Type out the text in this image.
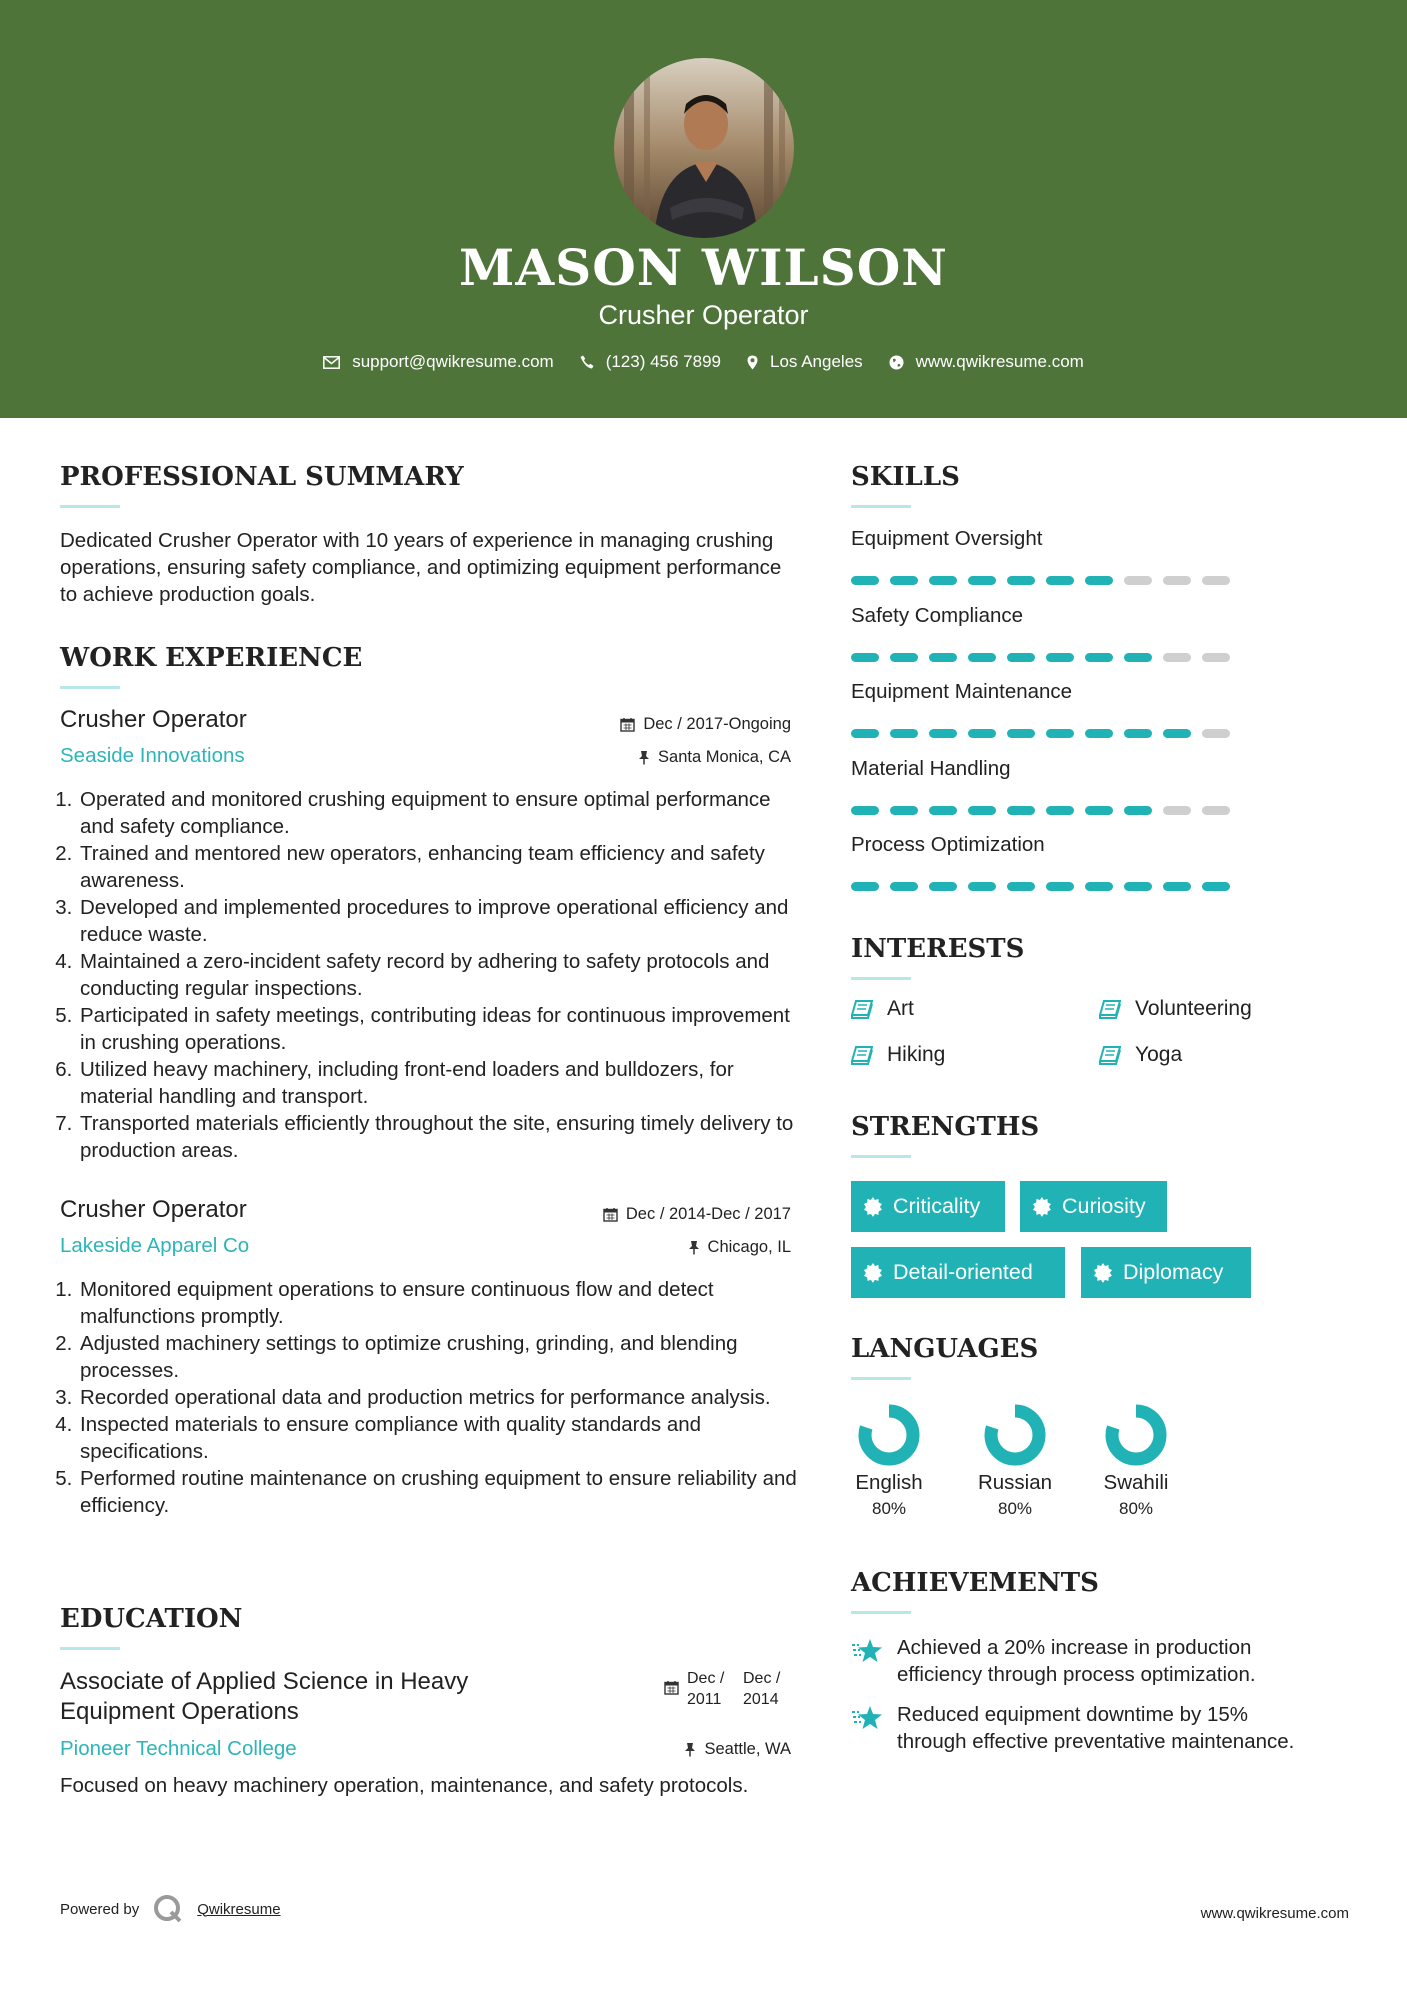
MASON WILSON
Crusher Operator
support@qwikresume.com	(123) 456 7899	Los Angeles	www.qwikresume.com
PROFESSIONAL SUMMARY
Dedicated Crusher Operator with 10 years of experience in managing crushing operations, ensuring safety compliance, and optimizing equipment performance to achieve production goals.
WORK EXPERIENCE
Crusher Operator	Dec / 2017-Ongoing
Seaside Innovations	Santa Monica, CA
1. Operated and monitored crushing equipment to ensure optimal performance and safety compliance.
2. Trained and mentored new operators, enhancing team efficiency and safety awareness.
3. Developed and implemented procedures to improve operational efficiency and reduce waste.
4. Maintained a zero-incident safety record by adhering to safety protocols and conducting regular inspections.
5. Participated in safety meetings, contributing ideas for continuous improvement in crushing operations.
6. Utilized heavy machinery, including front-end loaders and bulldozers, for material handling and transport.
7. Transported materials efficiently throughout the site, ensuring timely delivery to production areas.
Crusher Operator	Dec / 2014-Dec / 2017
Lakeside Apparel Co	Chicago, IL
1. Monitored equipment operations to ensure continuous flow and detect malfunctions promptly.
2. Adjusted machinery settings to optimize crushing, grinding, and blending processes.
3. Recorded operational data and production metrics for performance analysis.
4. Inspected materials to ensure compliance with quality standards and specifications.
5. Performed routine maintenance on crushing equipment to ensure reliability and efficiency.
EDUCATION
Associate of Applied Science in Heavy Equipment Operations
Dec / 2011
Dec / 2014
Pioneer Technical College	Seattle, WA
Focused on heavy machinery operation, maintenance, and safety protocols.
SKILLS
Equipment Oversight
Safety Compliance
Equipment Maintenance
Material Handling
Process Optimization
INTERESTS
Art	Volunteering
Hiking	Yoga
STRENGTHS
Criticality	Curiosity
Detail-oriented	Diplomacy
LANGUAGES
English
80%
Russian
80%
Swahili
80%
ACHIEVEMENTS
Achieved a 20% increase in production efficiency through process optimization.
Reduced equipment downtime by 15% through effective preventative maintenance.
Powered by	Qwikresume	www.qwikresume.com
